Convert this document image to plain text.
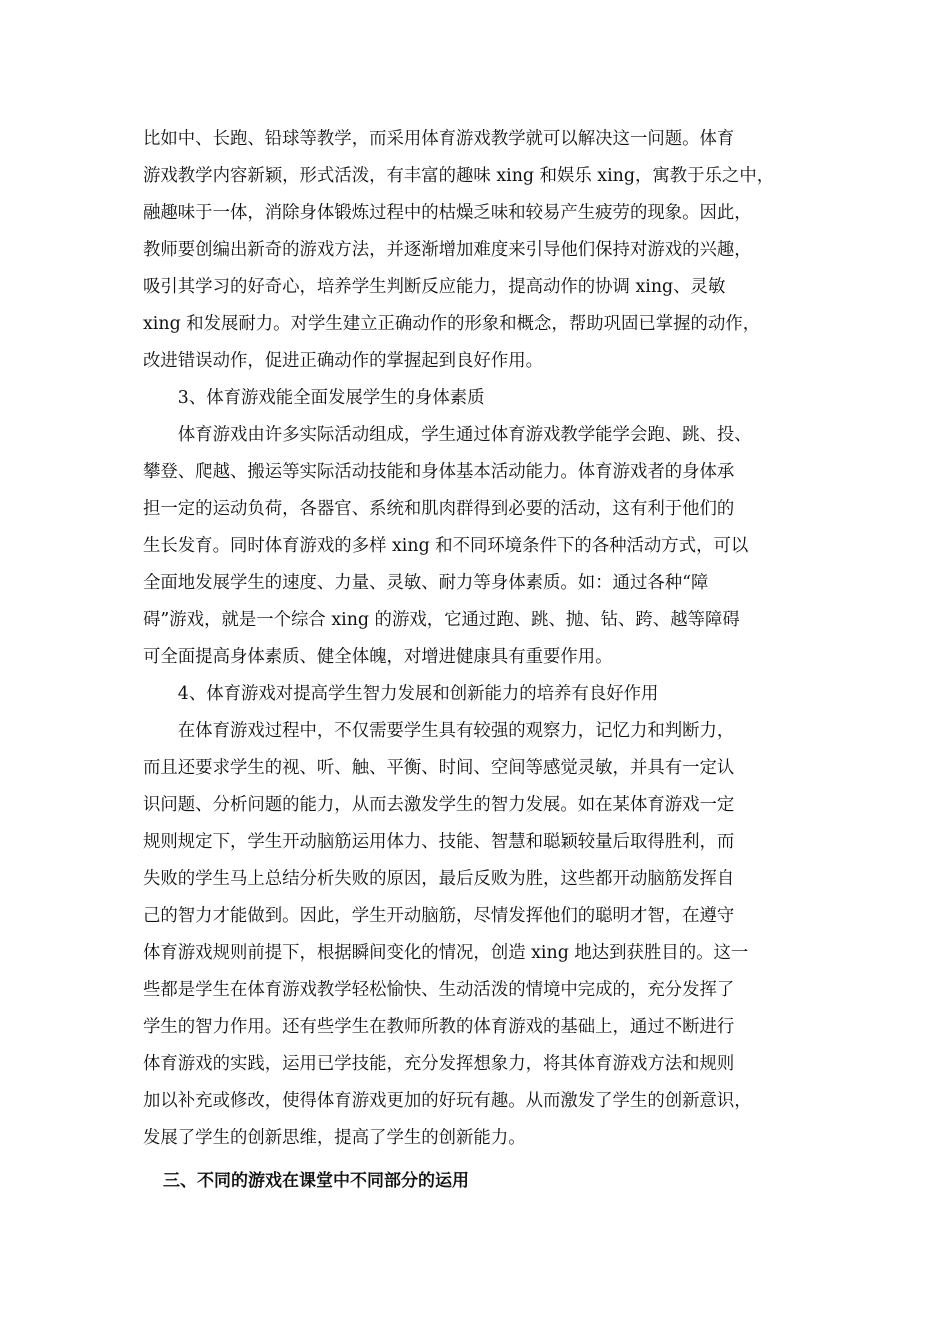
比如中、长跑、铅球等教学，而采用体育游戏教学就可以解决这一问题。体育
游戏教学内容新颖，形式活泼，有丰富的趣味 xing 和娱乐 xing，寓教于乐之中，
融趣味于一体，消除身体锻炼过程中的枯燥乏味和较易产生疲劳的现象。因此，
教师要创编出新奇的游戏方法，并逐渐增加难度来引导他们保持对游戏的兴趣，
吸引其学习的好奇心，培养学生判断反应能力，提高动作的协调 xing、灵敏
xing 和发展耐力。对学生建立正确动作的形象和概念，帮助巩固已掌握的动作，
改进错误动作，促进正确动作的掌握起到良好作用。
　　3、体育游戏能全面发展学生的身体素质
　　体育游戏由许多实际活动组成，学生通过体育游戏教学能学会跑、跳、投、
攀登、爬越、搬运等实际活动技能和身体基本活动能力。体育游戏者的身体承
担一定的运动负荷，各器官、系统和肌肉群得到必要的活动，这有利于他们的
生长发育。同时体育游戏的多样 xing 和不同环境条件下的各种活动方式，可以
全面地发展学生的速度、力量、灵敏、耐力等身体素质。如：通过各种“障
碍”游戏，就是一个综合 xing 的游戏，它通过跑、跳、抛、钻、跨、越等障碍
可全面提高身体素质、健全体魄，对增进健康具有重要作用。
　　4、体育游戏对提高学生智力发展和创新能力的培养有良好作用
　　在体育游戏过程中，不仅需要学生具有较强的观察力，记忆力和判断力，
而且还要求学生的视、听、触、平衡、时间、空间等感觉灵敏，并具有一定认
识问题、分析问题的能力，从而去激发学生的智力发展。如在某体育游戏一定
规则规定下，学生开动脑筋运用体力、技能、智慧和聪颖较量后取得胜利，而
失败的学生马上总结分析失败的原因，最后反败为胜，这些都开动脑筋发挥自
己的智力才能做到。因此，学生开动脑筋，尽情发挥他们的聪明才智，在遵守
体育游戏规则前提下，根据瞬间变化的情况，创造 xing 地达到获胜目的。这一
些都是学生在体育游戏教学轻松愉快、生动活泼的情境中完成的，充分发挥了
学生的智力作用。还有些学生在教师所教的体育游戏的基础上，通过不断进行
体育游戏的实践，运用已学技能，充分发挥想象力，将其体育游戏方法和规则
加以补充或修改，使得体育游戏更加的好玩有趣。从而激发了学生的创新意识，
发展了学生的创新思维，提高了学生的创新能力。
三、不同的游戏在课堂中不同部分的运用
